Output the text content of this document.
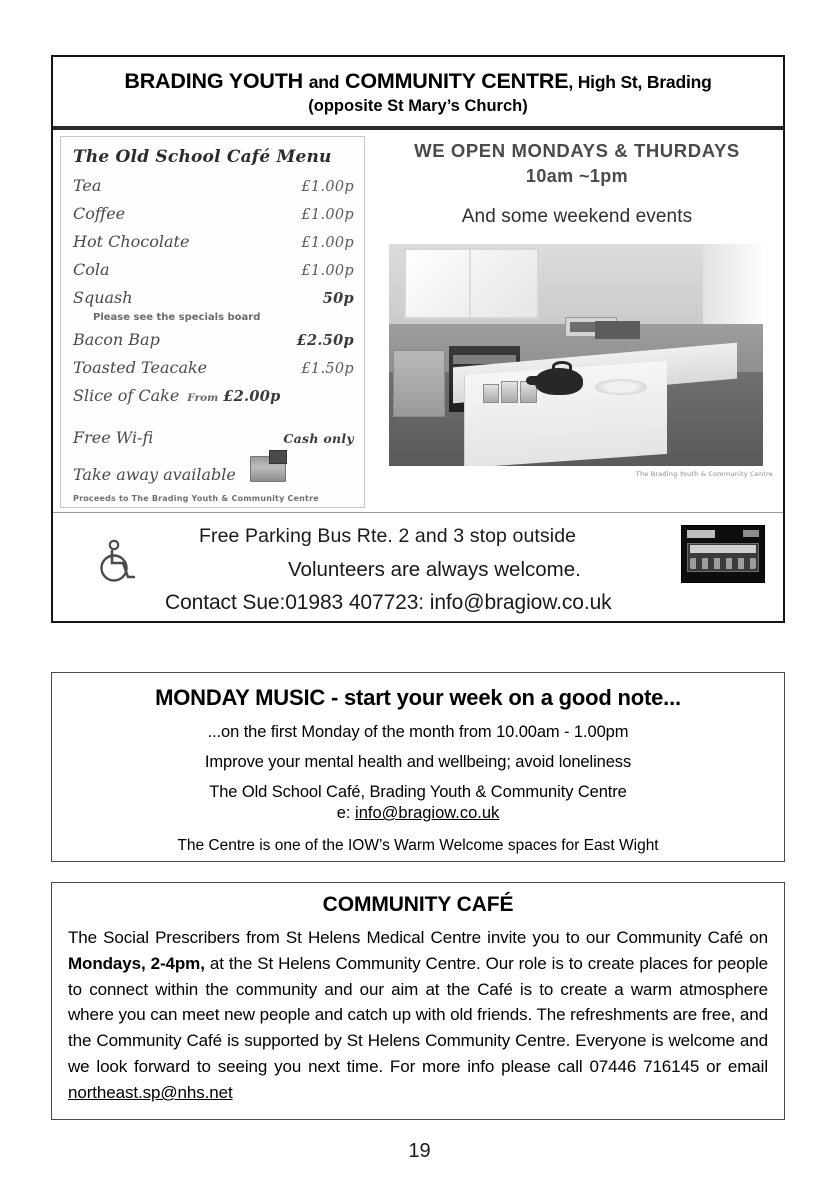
BRADING YOUTH and COMMUNITY CENTRE, High St, Brading
(opposite St Mary’s Church)
The Old School Café Menu
Tea	£1.00p
Coffee	£1.00p
Hot Chocolate	£1.00p
Cola	£1.00p
Squash	50p
Please see the specials board
Bacon Bap	£2.50p
Toasted Teacake	£1.50p
Slice of Cake From £2.00p
Free Wi-fi	Cash only
Take away available
Proceeds to The Brading Youth & Community Centre
WE OPEN MONDAYS & THURDAYS
10am ~1pm
And some weekend events
The Brading Youth & Community Centre
Free Parking Bus Rte. 2 and 3 stop outside
Volunteers are always welcome.
Contact Sue:01983 407723: info@bragiow.co.uk
MONDAY MUSIC - start your week on a good note...
...on the first Monday of the month from 10.00am - 1.00pm
Improve your mental health and wellbeing; avoid loneliness
The Old School Café, Brading Youth & Community Centre
e: info@bragiow.co.uk
The Centre is one of the IOW’s Warm Welcome spaces for East Wight
COMMUNITY CAFÉ

The Social Prescribers from St Helens Medical Centre invite you to our Community Café on Mondays, 2-4pm, at the St Helens Community Centre. Our role is to create places for people to connect within the community and our aim at the Café is to create a warm atmosphere where you can meet new people and catch up with old friends. The refreshments are free, and the Community Café is supported by St Helens Community Centre. Everyone is welcome and we look forward to seeing you next time. For more info please call 07446 716145 or email northeast.sp@nhs.net

19
